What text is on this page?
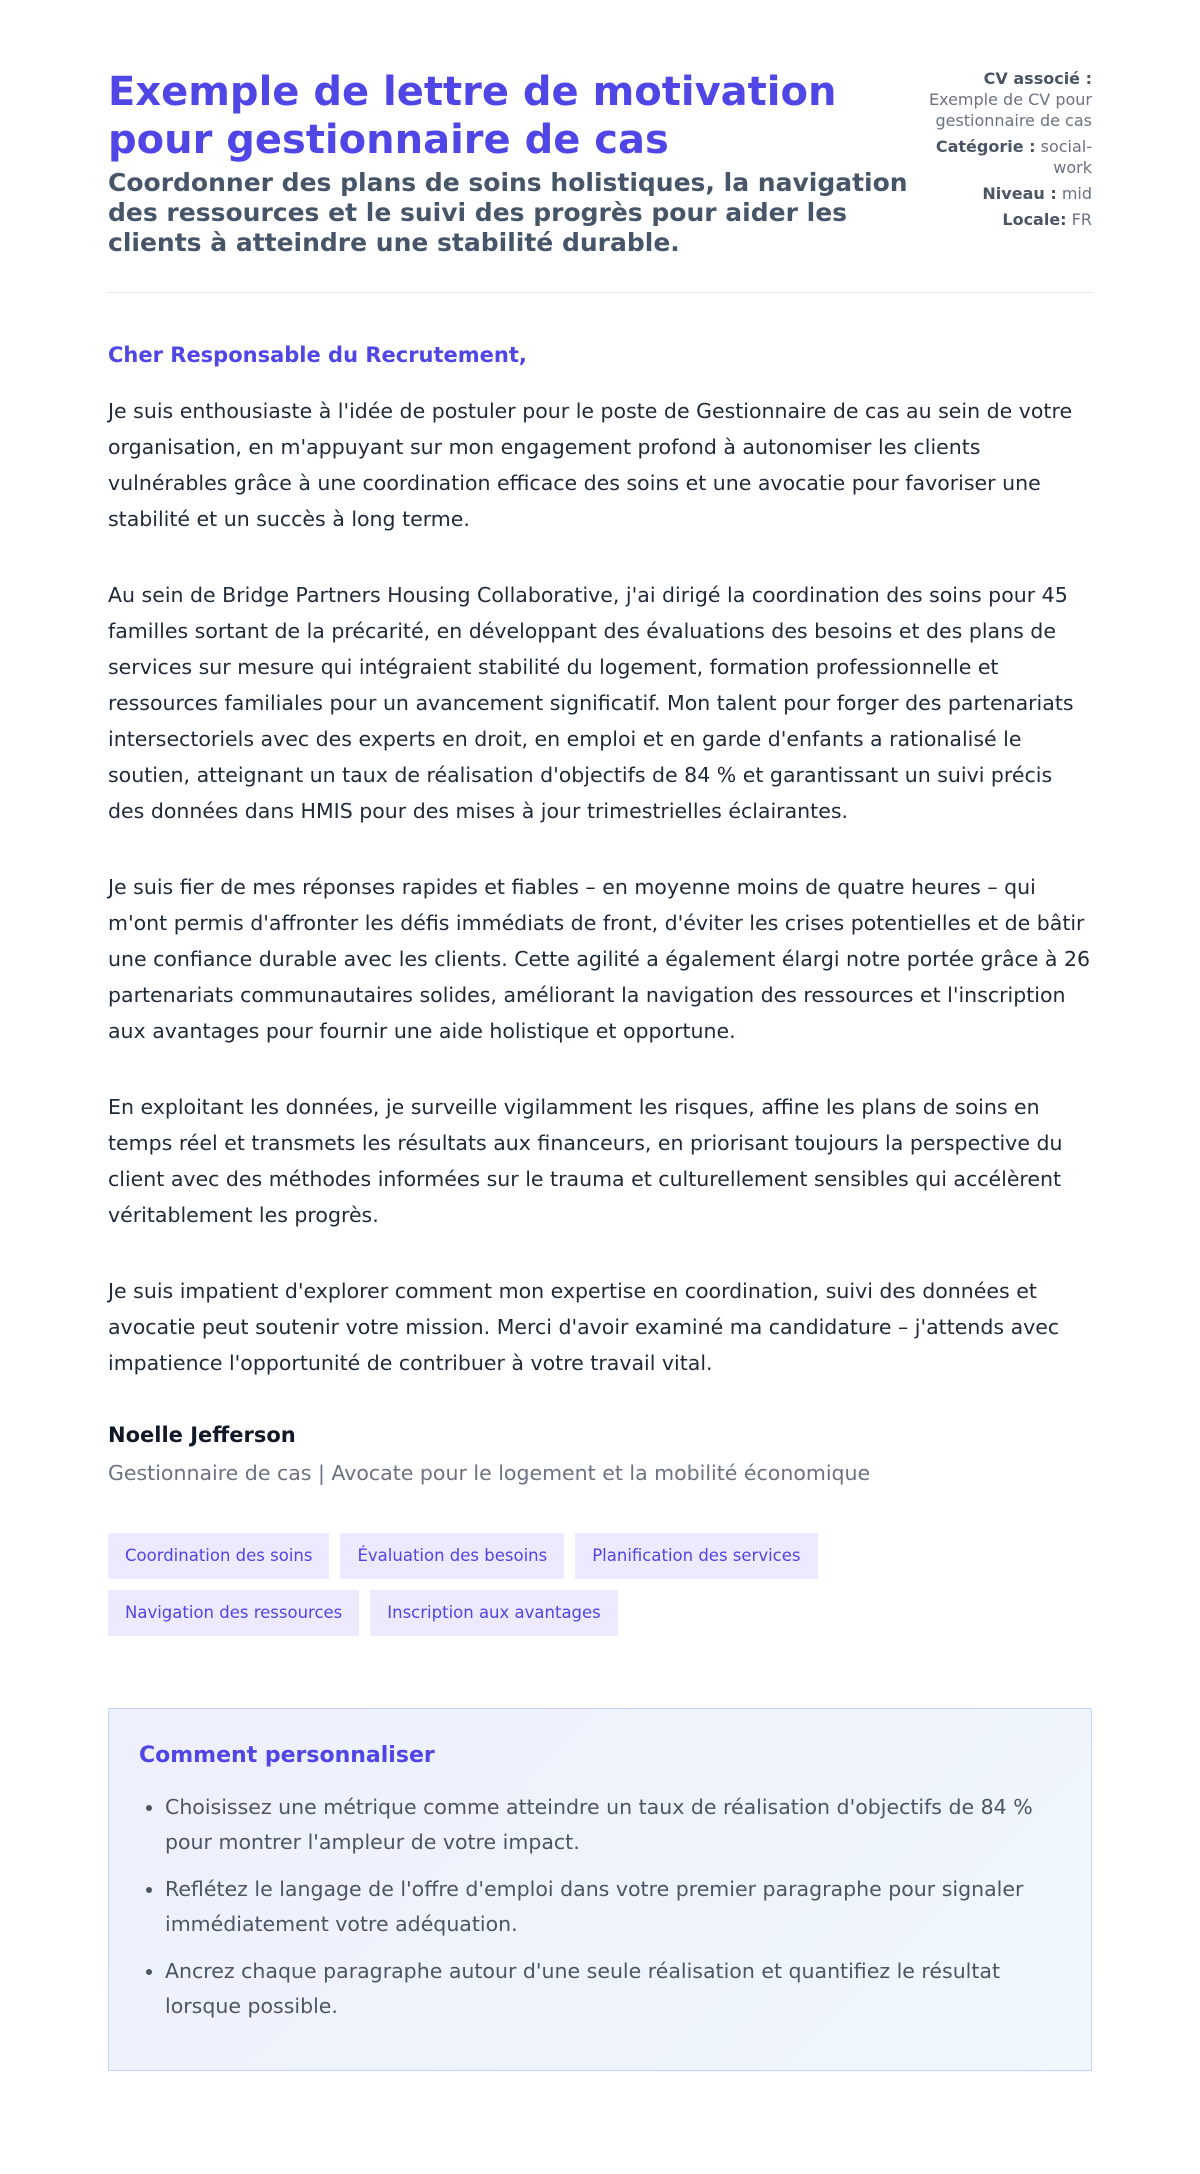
Exemple de lettre de motivation pour gestionnaire de cas
Coordonner des plans de soins holistiques, la navigation des ressources et le suivi des progrès pour aider les clients à atteindre une stabilité durable.
CV associé :
Exemple de CV pour gestionnaire de cas
Catégorie : social-work
Niveau : mid
Locale: FR
Cher Responsable du Recrutement,

Je suis enthousiaste à l'idée de postuler pour le poste de Gestionnaire de cas au sein de votre organisation, en m'appuyant sur mon engagement profond à autonomiser les clients vulnérables grâce à une coordination efficace des soins et une avocatie pour favoriser une stabilité et un succès à long terme.

Au sein de Bridge Partners Housing Collaborative, j'ai dirigé la coordination des soins pour 45 familles sortant de la précarité, en développant des évaluations des besoins et des plans de services sur mesure qui intégraient stabilité du logement, formation professionnelle et ressources familiales pour un avancement significatif. Mon talent pour forger des partenariats intersectoriels avec des experts en droit, en emploi et en garde d'enfants a rationalisé le soutien, atteignant un taux de réalisation d'objectifs de 84 % et garantissant un suivi précis des données dans HMIS pour des mises à jour trimestrielles éclairantes.

Je suis fier de mes réponses rapides et fiables – en moyenne moins de quatre heures – qui m'ont permis d'affronter les défis immédiats de front, d'éviter les crises potentielles et de bâtir une confiance durable avec les clients. Cette agilité a également élargi notre portée grâce à 26 partenariats communautaires solides, améliorant la navigation des ressources et l'inscription aux avantages pour fournir une aide holistique et opportune.

En exploitant les données, je surveille vigilamment les risques, affine les plans de soins en temps réel et transmets les résultats aux financeurs, en priorisant toujours la perspective du client avec des méthodes informées sur le trauma et culturellement sensibles qui accélèrent véritablement les progrès.

Je suis impatient d'explorer comment mon expertise en coordination, suivi des données et avocatie peut soutenir votre mission. Merci d'avoir examiné ma candidature – j'attends avec impatience l'opportunité de contribuer à votre travail vital.

Noelle Jefferson
Gestionnaire de cas | Avocate pour le logement et la mobilité économique
Coordination des soins	Évaluation des besoins	Planification des services
Navigation des ressources	Inscription aux avantages
Comment personnaliser
• Choisissez une métrique comme atteindre un taux de réalisation d'objectifs de 84 % pour montrer l'ampleur de votre impact.
• Reflétez le langage de l'offre d'emploi dans votre premier paragraphe pour signaler immédiatement votre adéquation.
• Ancrez chaque paragraphe autour d'une seule réalisation et quantifiez le résultat lorsque possible.
